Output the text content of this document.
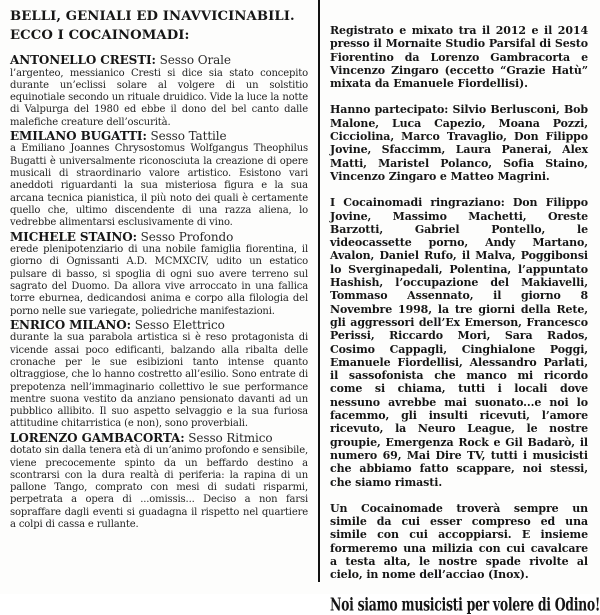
BELLI, GENIALI ED INAVVICINABILI.
ECCO I COCAINOMADI:
ANTONELLO CRESTI: Sesso Orale

l’argenteo, messianico Cresti si dice sia stato concepito durante un’eclissi solare al volgere di un solstitio equinotiale secondo un rituale druidico. Vide la luce la notte di Valpurga del 1980 ed ebbe il dono del bel canto dalle malefiche creature dell’oscurità.

EMILANO BUGATTI: Sesso Tattile

a Emiliano Joannes Chrysostomus Wolfgangus Theophilus Bugatti è universalmente riconosciuta la creazione di opere musicali di straordinario valore artistico. Esistono vari aneddoti riguardanti la sua misteriosa figura e la sua arcana tecnica pianistica, il più noto dei quali è certamente quello che, ultimo discendente di una razza aliena, lo vedrebbe alimentarsi esclusivamente di vino.

MICHELE STAINO: Sesso Profondo

erede plenipotenziario di una nobile famiglia fiorentina, il giorno di Ognissanti A.D. MCMXCIV, udito un estatico pulsare di basso, si spoglia di ogni suo avere terreno sul sagrato del Duomo. Da allora vive arroccato in una fallica torre eburnea, dedicandosi anima e corpo alla filologia del porno nelle sue variegate, poliedriche manifestazioni.

ENRICO MILANO: Sesso Elettrico

durante la sua parabola artistica si è reso protagonista di vicende assai poco edificanti, balzando alla ribalta delle cronache per le sue esibizioni tanto intense quanto oltraggiose, che lo hanno costretto all’esilio. Sono entrate di prepotenza nell’immaginario collettivo le sue performance mentre suona vestito da anziano pensionato davanti ad un pubblico allibito. Il suo aspetto selvaggio e la sua furiosa attitudine chitarristica (e non), sono proverbiali.

LORENZO GAMBACORTA: Sesso Ritmico

dotato sin dalla tenera età di un’animo profondo e sensibile, viene precocemente spinto da un beffardo destino a scontrarsi con la dura realtà di periferia: la rapina di un pallone Tango, comprato con mesi di sudati risparmi, perpetrata a opera di ...omissis... Deciso a non farsi sopraffare dagli eventi si guadagna il rispetto nel quartiere a colpi di cassa e rullante.

Registrato e mixato tra il 2012 e il 2014 presso il Mornaite Studio Parsifal di Sesto Fiorentino da Lorenzo Gambracorta e Vincenzo Zingaro (eccetto “Grazie Hatù” mixata da Emanuele Fiordellisi).

Hanno partecipato: Silvio Berlusconi, Bob Malone, Luca Capezio, Moana Pozzi, Cicciolina, Marco Travaglio, Don Filippo Jovine, Sfaccimm, Laura Panerai, Alex Matti, Maristel Polanco, Sofia Staino, Vincenzo Zingaro e Matteo Magrini.

I Cocainomadi ringraziano: Don Filippo Jovine, Massimo Machetti, Oreste Barzotti, Gabriel Pontello, le videocassette porno, Andy Martano, Avalon, Daniel Rufo, il Malva, Poggibonsi lo Sverginapedali, Polentina, l’appuntato Hashish, l’occupazione del Makiavelli, Tommaso Assennato, il giorno 8 Novembre 1998, la tre giorni della Rete, gli aggressori dell’Ex Emerson, Francesco Perissi, Riccardo Mori, Sara Rados, Cosimo Cappagli, Cinghialone Poggi, Emanuele Fiordellisi, Alessandro Parlati, il sassofonista che manco mi ricordo come si chiama, tutti i locali dove nessuno avrebbe mai suonato...e noi lo facemmo, gli insulti ricevuti, l’amore ricevuto, la Neuro League, le nostre groupie, Emergenza Rock e Gil Badarò, il numero 69, Mai Dire TV, tutti i musicisti che abbiamo fatto scappare, noi stessi, che siamo rimasti.

Un Cocainomade troverà sempre un simile da cui esser compreso ed una simile con cui accoppiarsi. E insieme formeremo una milizia con cui cavalcare a testa alta, le nostre spade rivolte al cielo, in nome dell’acciao (Inox).

Noi siamo musicisti per volere di Odino!
